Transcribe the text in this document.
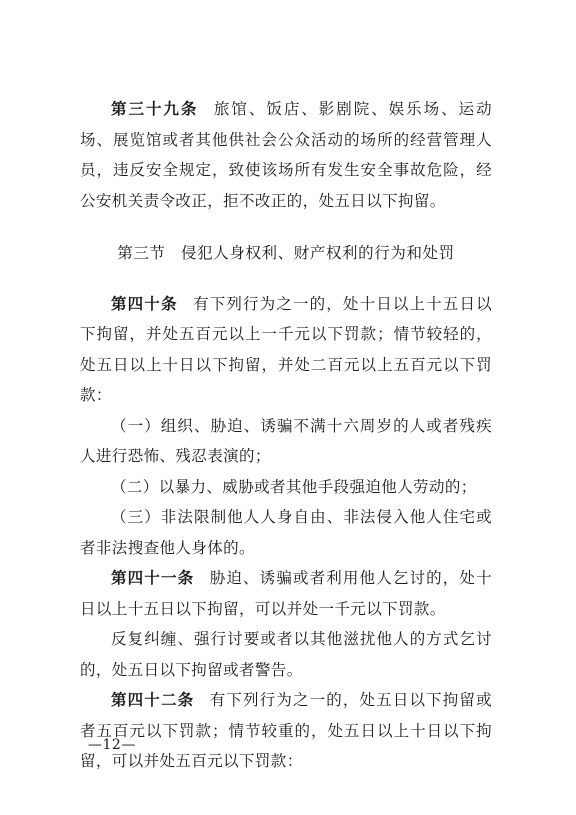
第三十九条 旅馆、饭店、影剧院、娱乐场、运动场、展览馆或者其他供社会公众活动的场所的经营管理人员，违反安全规定，致使该场所有发生安全事故危险，经公安机关责令改正，拒不改正的，处五日以下拘留。

第三节 侵犯人身权利、财产权利的行为和处罚

第四十条 有下列行为之一的，处十日以上十五日以下拘留，并处五百元以上一千元以下罚款；情节较轻的，处五日以上十日以下拘留，并处二百元以上五百元以下罚款：

（一）组织、胁迫、诱骗不满十六周岁的人或者残疾人进行恐怖、残忍表演的；

（二）以暴力、威胁或者其他手段强迫他人劳动的；

（三）非法限制他人人身自由、非法侵入他人住宅或者非法搜查他人身体的。

第四十一条 胁迫、诱骗或者利用他人乞讨的，处十日以上十五日以下拘留，可以并处一千元以下罚款。

反复纠缠、强行讨要或者以其他滋扰他人的方式乞讨的，处五日以下拘留或者警告。

第四十二条 有下列行为之一的，处五日以下拘留或者五百元以下罚款；情节较重的，处五日以上十日以下拘留，可以并处五百元以下罚款：

—12—
